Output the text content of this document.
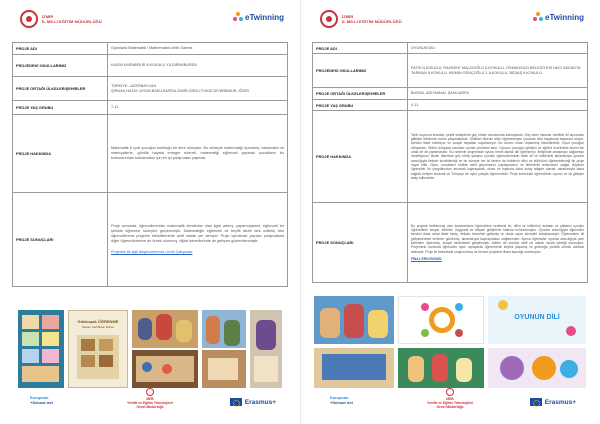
İZMİR
İL MİLLİ EĞİTİM MÜDÜRLÜĞÜ	eTwinning
PROJE ADI	Oyunlarla Matematik / Mathematics With Games
PROJEDEKİ OKULLARIMIZ	KAZIM KARABEKİR İLKOKULU YILDIRIM/BURSA
PROJE ORTAĞI ÜLKELER/ŞEHİRLER	TÜRKİYE –AZERBAYCAN
ŞIRNAK,HATAY, AYDIN,BAKÜ,BURSA İZMİR,ORDU,TOKAT,DİYARBAKIR, IĞDIR

PROJE YAŞ GRUBU	7-11
PROJE HAKKINDA	Matematik b rçok çocuğun korktuğu bir ders olmuştur. Bu sebeple matematiği oyunlarla, basamaklı ve materyallerle, günlük hayata entegre ederek, matematiği eğlenceli yaparak çocukların bu korkularından kurtulmaları için en iyi çalışmaları yapmak.
PROJE SONUÇLARI	Proje sonunda, öğrencilerimizin matematik derslerine olan ilgisi artmış ,yaparmışlarım, eğlenceli bir şekilde öğrenme süreçleri güçlenmiştir. Matematiğin eğlenceli ve keyifli tarafı fark edilmiş tüm öğrencilerimiz projenin etkinliklerinde aktif olarak yer almıştır. Proje içerisinde yapılan çalışmalarla diğer öğrencilerimize de örnek olunmuş, dijital becerilerinde de gelişme gözlemlenmiştir.
Projemiz ile ilgili düşüncelerimiz Linoit Çalışması
Gökkuşak ÖĞRENME
Basarı Sertifikası Bursa
European
+School net
MEB
Yenilik ve Eğitim Teknolojileri
Genel Müdürlüğü
Erasmus+
İZMİR
İL MİLLİ EĞİTİM MÜDÜRLÜĞÜ	eTwinning
PROJE ADI	OYUNUN DİLİ
PROJEDEKİ OKULLARIMIZ	FATİH İLKOKULU, RAHMİYE MALCIOĞLU İLKOKULU, OSMANGAZİ BELEDİYESİ HACI AKKAD'IN TARMAN İLKOKULU, MÜMİN GENÇOĞLU 1 İLKOKULU, BEŞAŞ İLKOKULU
PROJE ORTAĞI ÜLKELER/ŞEHİRLER	BURSA, ADIYAMAN, ŞANLIURFA
PROJE YAŞ GRUBU	4-11
PROJE HAKKINDA	Tarih boyunca insanlar, çeşitli sebeplerle göç etmek durumunda kalmışlardır. Göç eden insanlar özellikle dil açısından gittikleri ülkelerde zorluk yaşamaktadır. Gittikleri ülkenin dilini öğrenemeyen çocuklar okul hayatında başarısız oluyor, kendini ifade edemiyor ve sosyal hayattan soyutlanıyor. Bu durum onları dışlanmış hissettirebilir. Oyun çocuğun dünyasıdır. Bütün dünyada çocuklar oyunla çevresini tanır. Oyunun çocuğun gelişimi ve eğitimi üzerindeki önemi ise ortak bir dil yaratmasıdır. Bu nedenle projemizde oyunu temel alarak dili öğrenmeyi, iletişimde anlaşmayı sağlamayı hedefliyoruz. Bizler ülkemize göç etmiş yabancı uyruklu öğrencilerimizin farklı dil ve kültürdeki akranlarıyla oyunlar aracılığıyla iletişim kurabileceği ve bu süreçte her iki tarafın da birbirinin dilini ve kültürünü öğrenebileceği bir proje hayal ettik. Oyun, çocukların birlikte vakit geçirmesini, paylaşmasını ve birbirlerini anlamasını sağlar. Böylece öğrenciler ön yargılarından arınarak kaynaşacak, okula ve topluma daha kolay adapte olacak, akranlarıyla daha sağlıklı iletişim kuracak ve Türkçeyi de oyun yoluyla öğrenecektir. Proje sürecinde öğrencilerin uyumu ve dil gelişimi takip edilecektir.
PROJE SONUÇLARI	Bu projede belirlenmiş olan kazanımların öğrencilere verilmesi ile; dilini ve kültürünü anlatan ve yabancı uyruklu öğrencilerin sosyal, kültürel, duygusal ve bilişsel gelişimine katkıda bulunulmuştur. Oyunlar aracılığıyla öğrenciler kendini daha rahat ifade etmiş, iletişim becerileri gelişmiş ve okula uyum süreçleri kolaylaşmıştır. Öğrencilerin dil gelişimlerinde ilerleme görülmüş, akranlarıyla kaynaşmaları sağlanmıştır. Ayrıca öğrenciler oyunlar aracılığıyla yeni kelimeler öğrenmiş, sosyal becerilerini geliştirmiştir. Aileler de süreçte aktif rol alarak okulla işbirliği kurmuştur. Projemizin sonunda öğrenciler oyun oynayarak öğrenmenin keyfini yaşamış ve geleceğe yönelik olumlu adımlar atılmıştır. Proje ile farkındalık oluşturulmuş ve benzer projelere ilham kaynağı olunmuştur.
FİNAL ERKONOMİ2
OYUNUN DİLİ
European
+School net
MEB
Yenilik ve Eğitim Teknolojileri
Genel Müdürlüğü
Erasmus+
